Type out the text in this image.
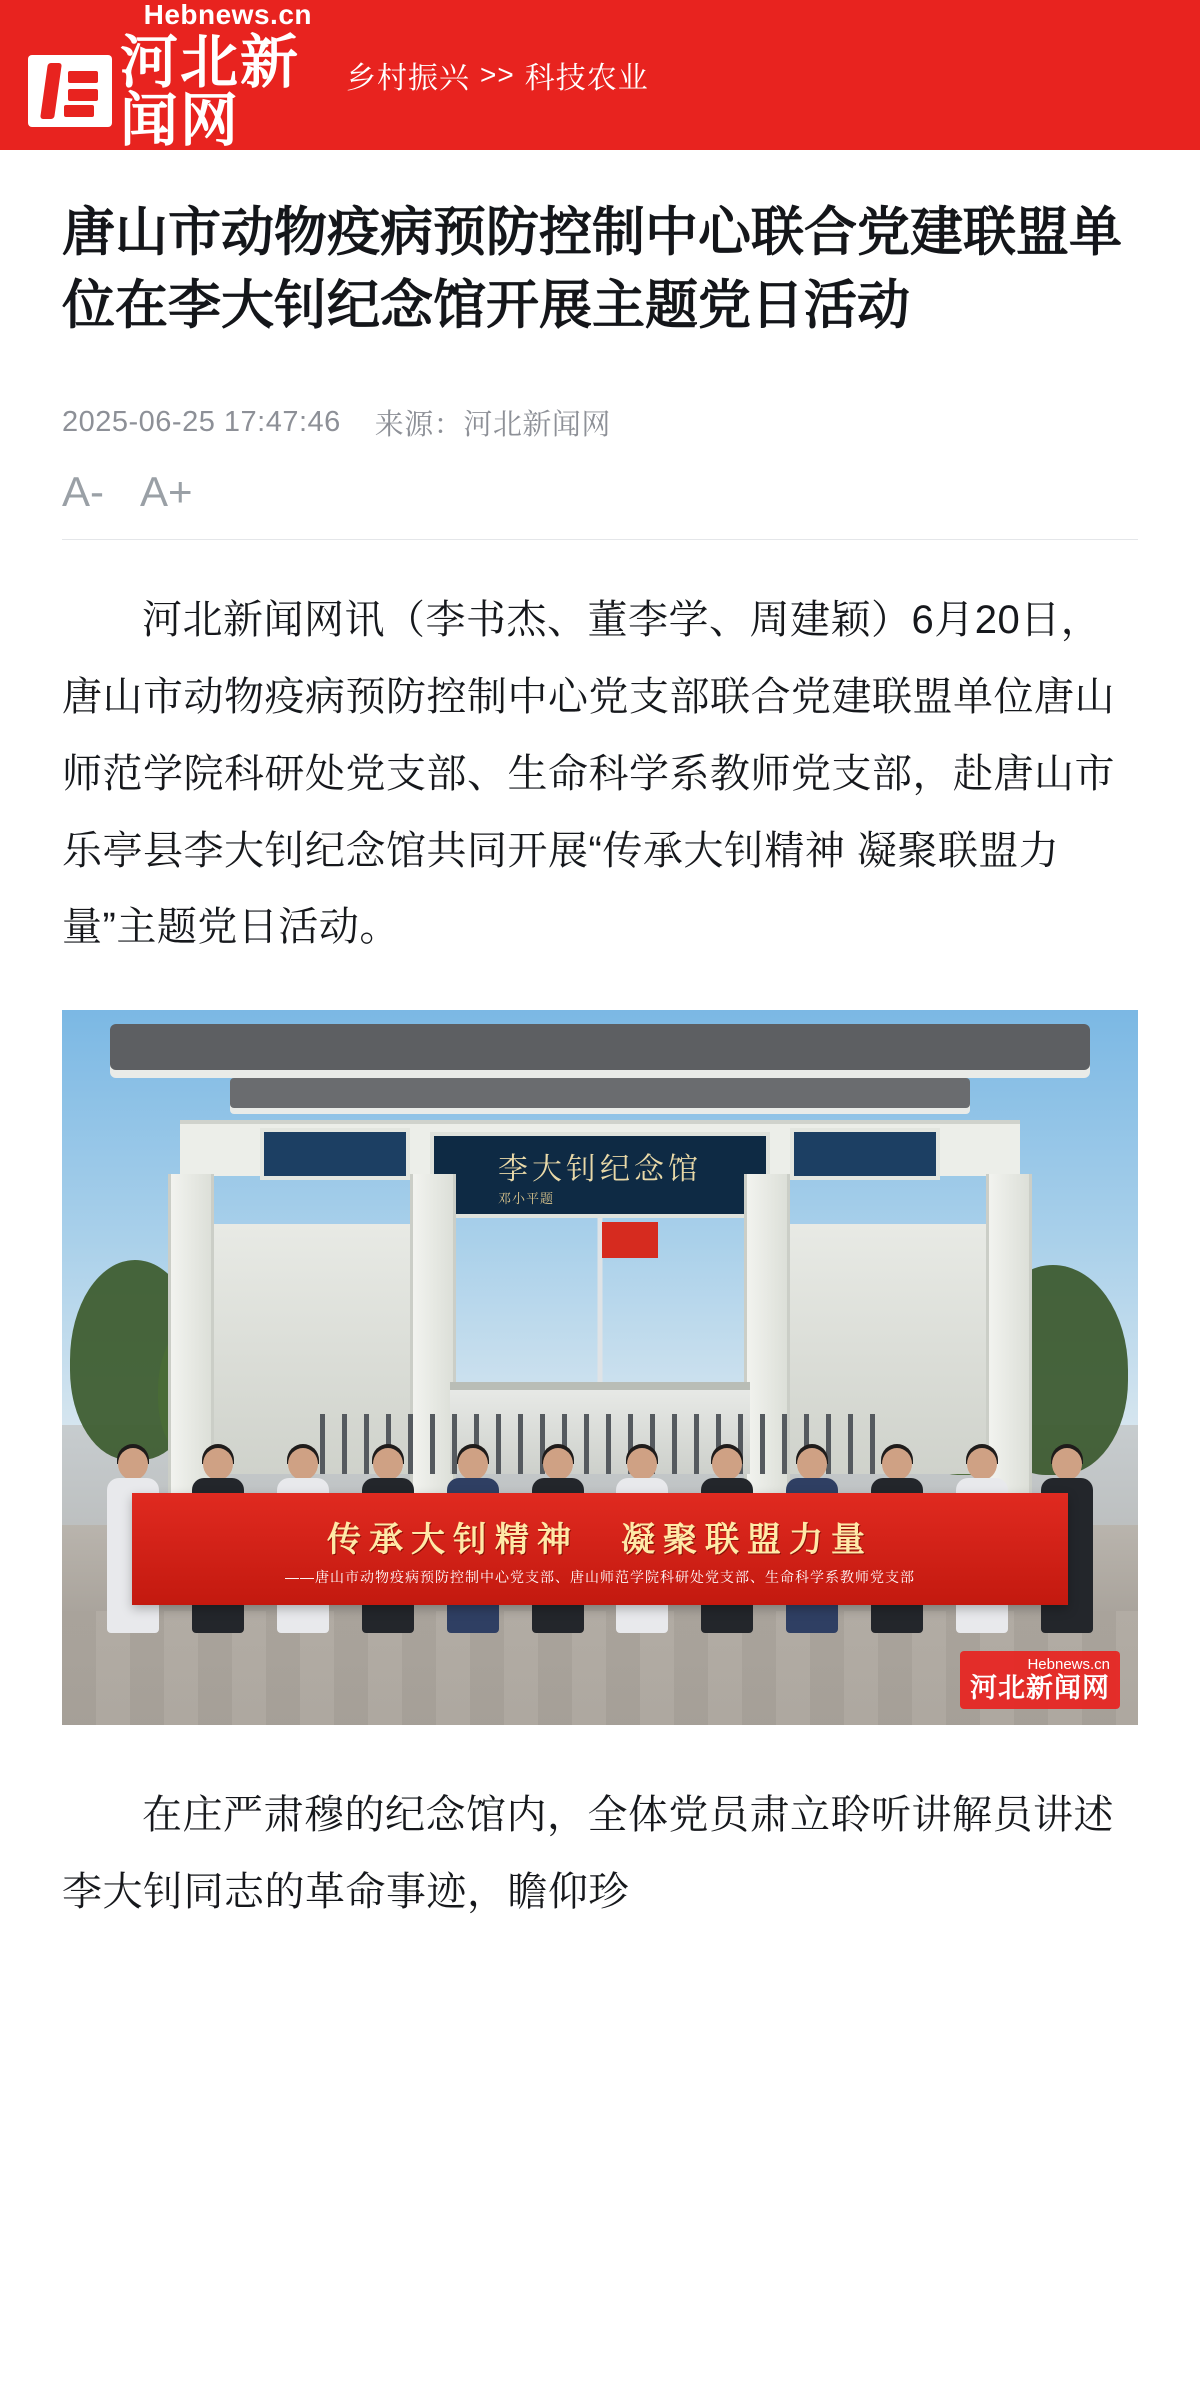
Hebnews.cn
河北新闻网
乡村振兴 >> 科技农业
唐山市动物疫病预防控制中心联合党建联盟单位在李大钊纪念馆开展主题党日活动
2025-06-25 17:47:46 来源：河北新闻网
A- A+

河北新闻网讯（李书杰、董李学、周建颖）6月20日，唐山市动物疫病预防控制中心党支部联合党建联盟单位唐山师范学院科研处党支部、生命科学系教师党支部，赴唐山市乐亭县李大钊纪念馆共同开展“传承大钊精神 凝聚联盟力量”主题党日活动。

李大钊纪念馆
邓小平题
传承大钊精神　凝聚联盟力量
——唐山市动物疫病预防控制中心党支部、唐山师范学院科研处党支部、生命科学系教师党支部
Hebnews.cn
河北新闻网

在庄严肃穆的纪念馆内，全体党员肃立聆听讲解员讲述李大钊同志的革命事迹，瞻仰珍
